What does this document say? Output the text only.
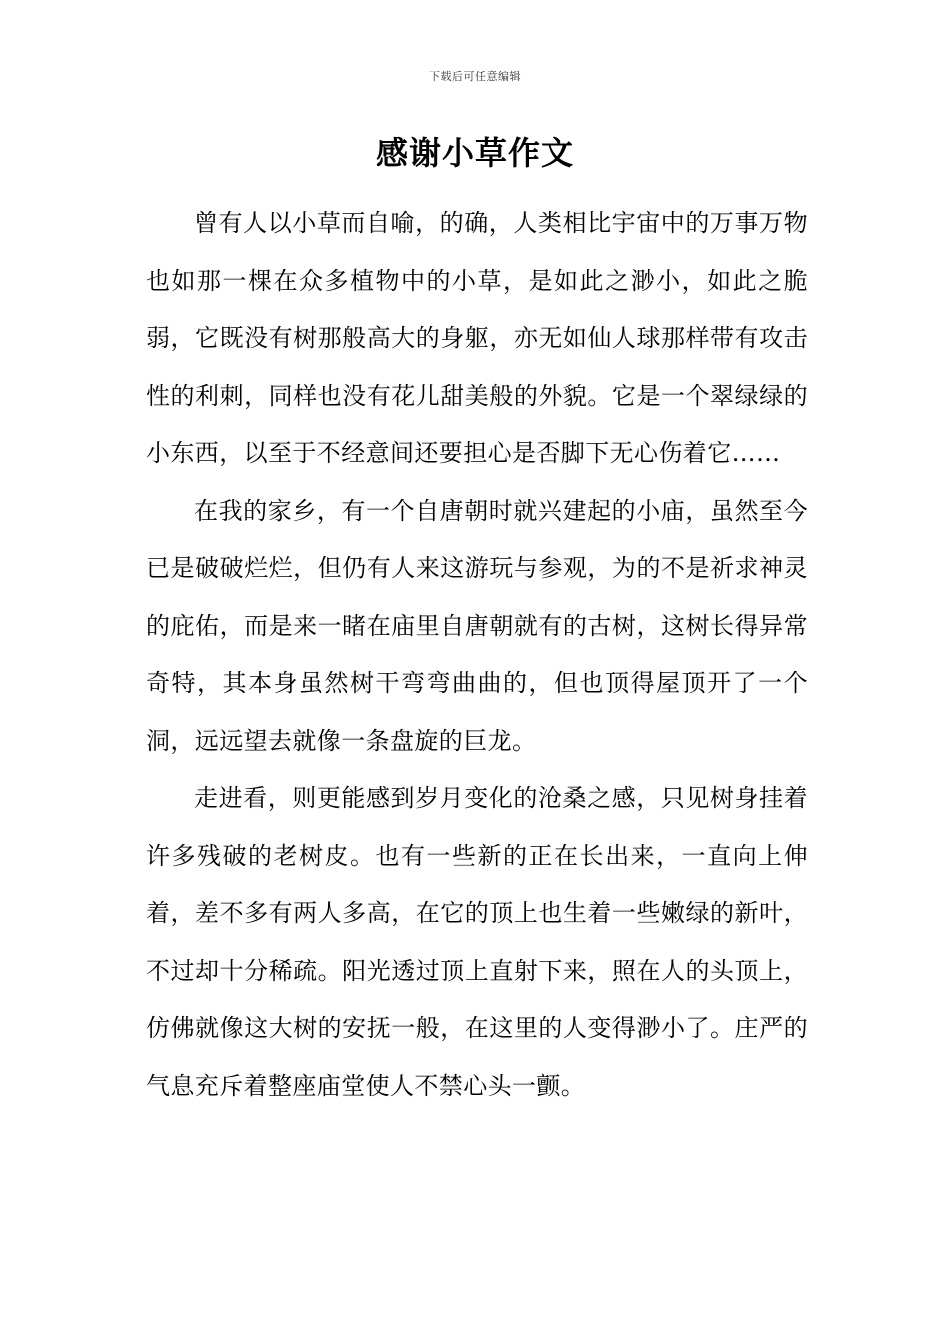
下载后可任意编辑
感谢小草作文

曾有人以小草而自喻，的确，人类相比宇宙中的万事万物也如那一棵在众多植物中的小草，是如此之渺小，如此之脆弱，它既没有树那般高大的身躯，亦无如仙人球那样带有攻击性的利刺，同样也没有花儿甜美般的外貌。它是一个翠绿绿的小东西，以至于不经意间还要担心是否脚下无心伤着它……

在我的家乡，有一个自唐朝时就兴建起的小庙，虽然至今已是破破烂烂，但仍有人来这游玩与参观，为的不是祈求神灵的庇佑，而是来一睹在庙里自唐朝就有的古树，这树长得异常奇特，其本身虽然树干弯弯曲曲的，但也顶得屋顶开了一个洞，远远望去就像一条盘旋的巨龙。

走进看，则更能感到岁月变化的沧桑之感，只见树身挂着许多残破的老树皮。也有一些新的正在长出来，一直向上伸着，差不多有两人多高，在它的顶上也生着一些嫩绿的新叶，不过却十分稀疏。阳光透过顶上直射下来，照在人的头顶上，仿佛就像这大树的安抚一般，在这里的人变得渺小了。庄严的气息充斥着整座庙堂使人不禁心头一颤。
